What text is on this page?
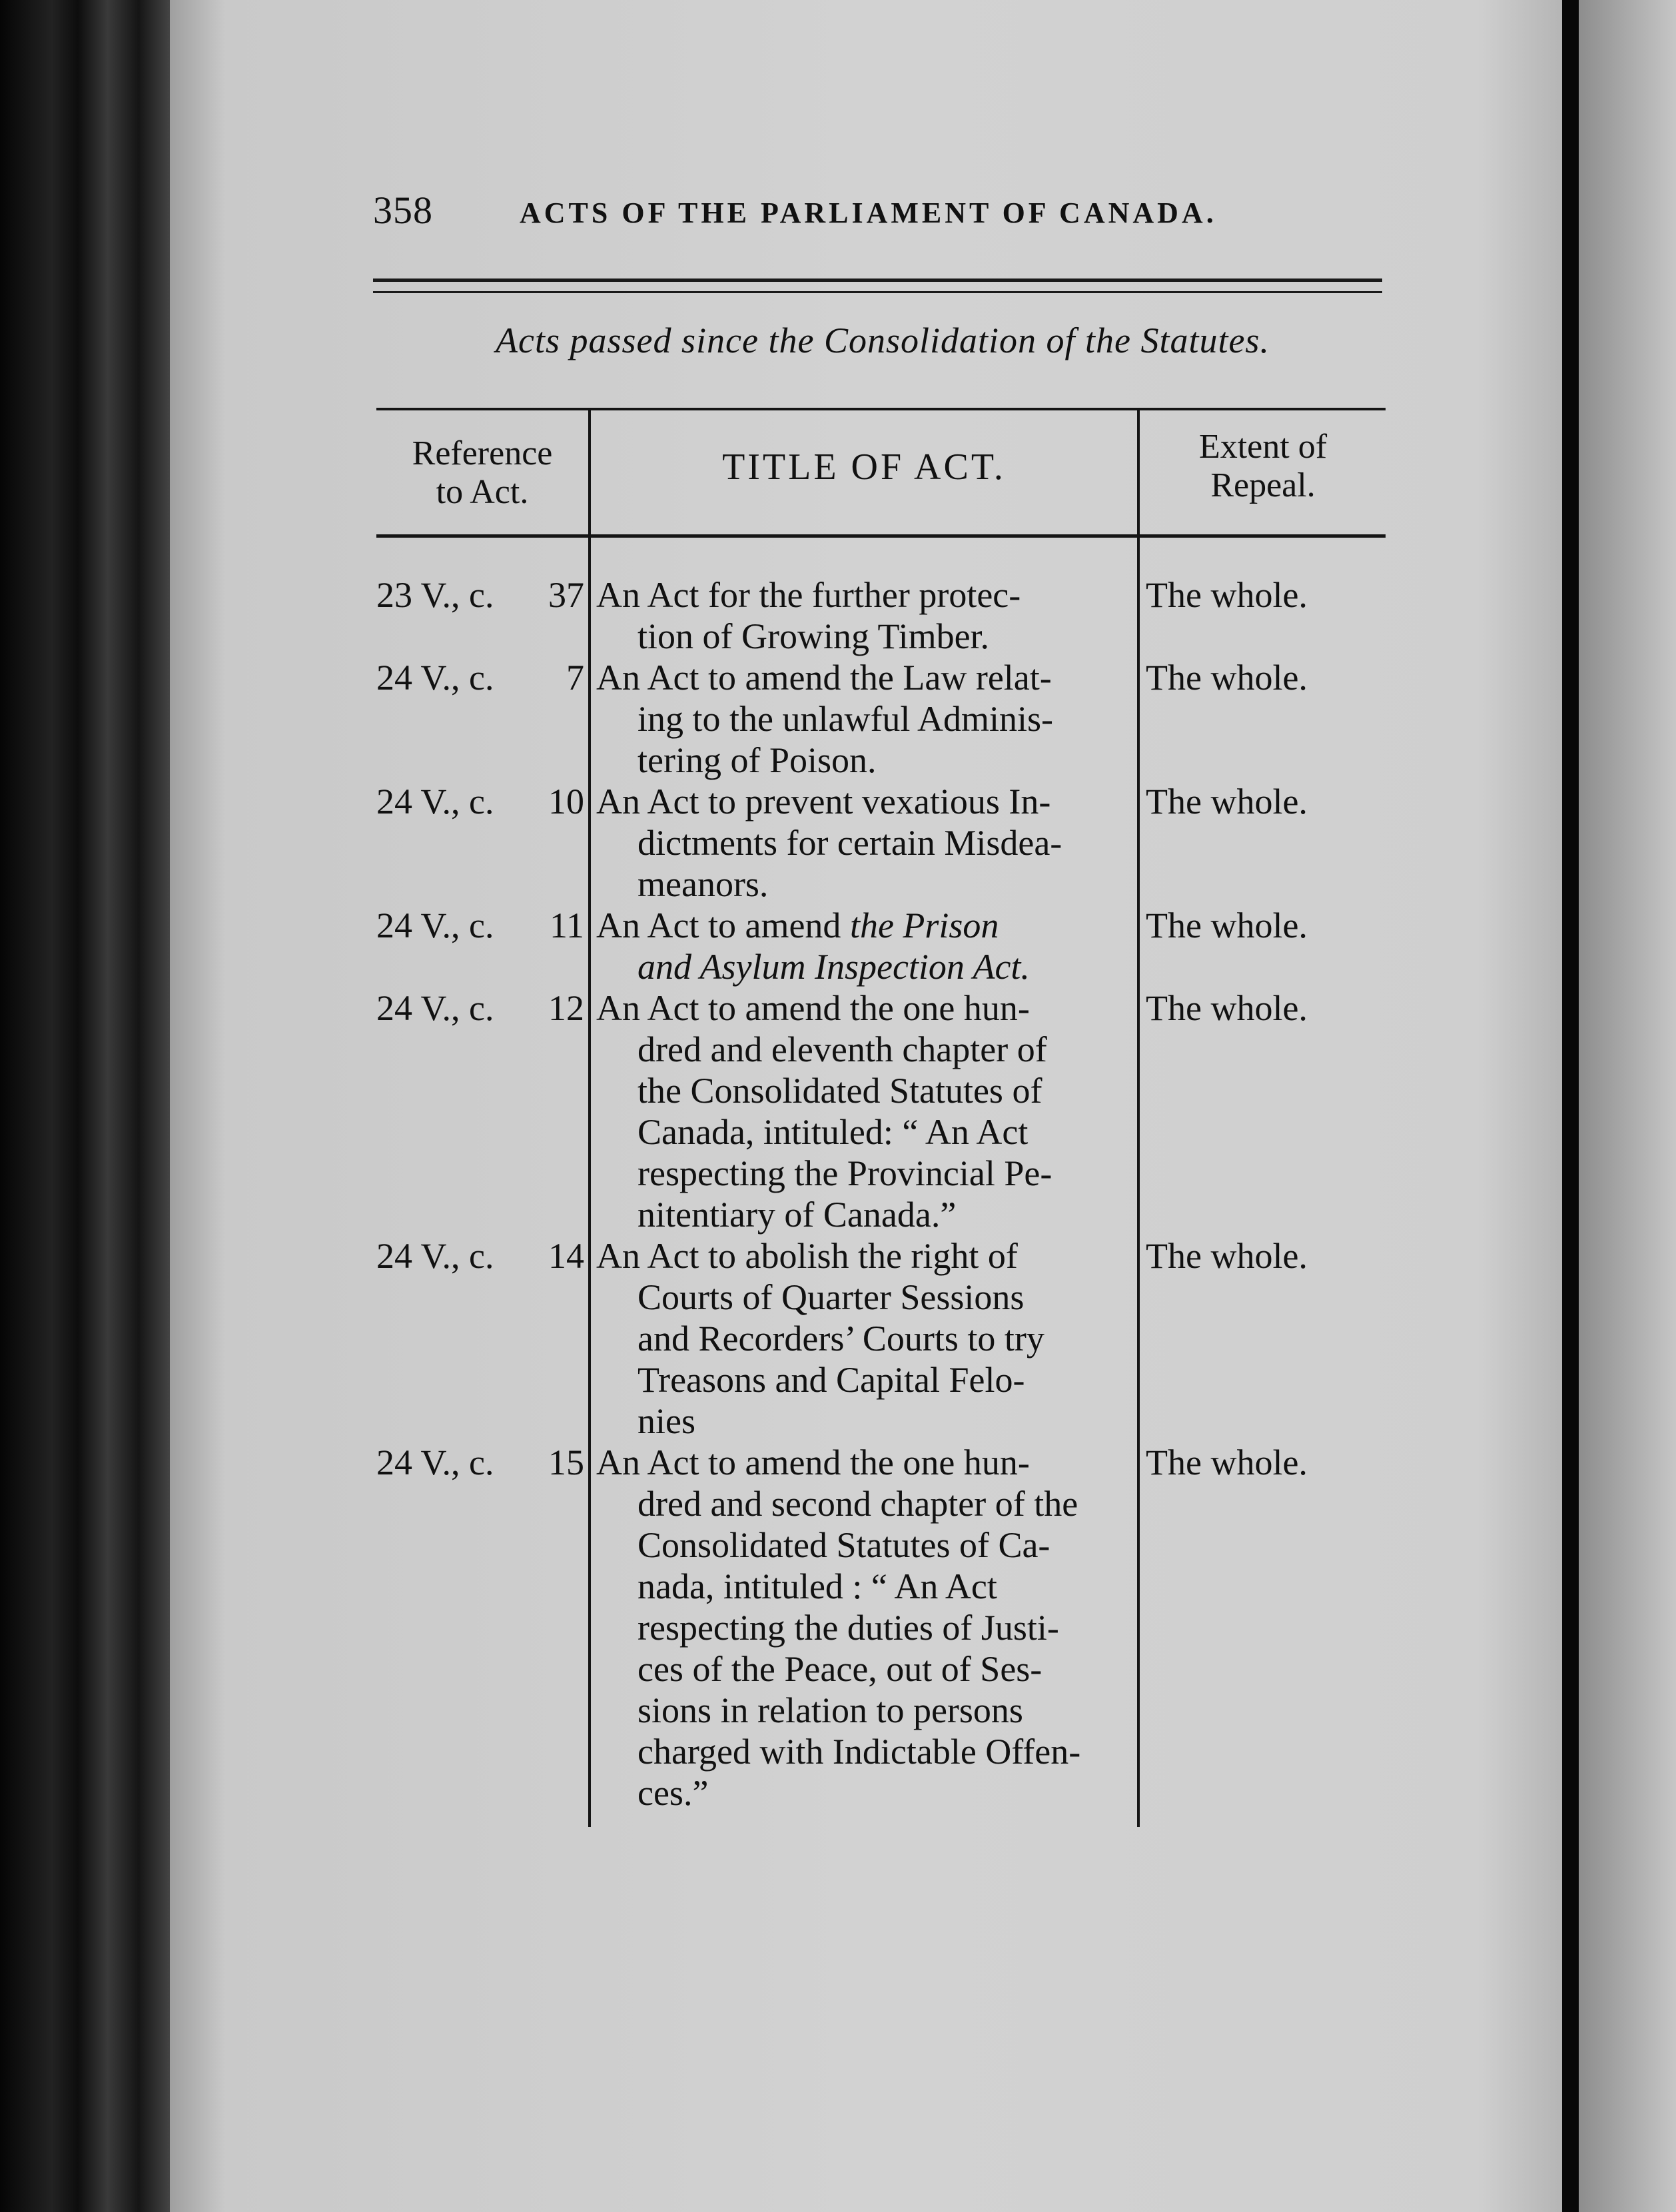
358	ACTS OF THE PARLIAMENT OF CANADA.
Acts passed since the Consolidation of the Statutes.
Reference
to Act.
TITLE OF ACT.	Extent of
Repeal.
23 V., c. 37 An Act for the further protec-
tion of Growing Timber.
The whole.
24 V., c. 7 An Act to amend the Law relat-
ing to the unlawful Adminis-
tering of Poison.
The whole.
24 V., c. 10 An Act to prevent vexatious In-
dictments for certain Misdea-
meanors.
The whole.
24 V., c. 11 An Act to amend the Prison
and Asylum Inspection Act.
The whole.
24 V., c. 12 An Act to amend the one hun-
dred and eleventh chapter of
the Consolidated Statutes of
Canada, intituled: “ An Act
respecting the Provincial Pe-
nitentiary of Canada.”
The whole.
24 V., c. 14 An Act to abolish the right of
Courts of Quarter Sessions
and Recorders’ Courts to try
Treasons and Capital Felo-
nies
The whole.
24 V., c. 15 An Act to amend the one hun-
dred and second chapter of the
Consolidated Statutes of Ca-
nada, intituled : “ An Act
respecting the duties of Justi-
ces of the Peace, out of Ses-
sions in relation to persons
charged with Indictable Offen-
ces.”
The whole.
